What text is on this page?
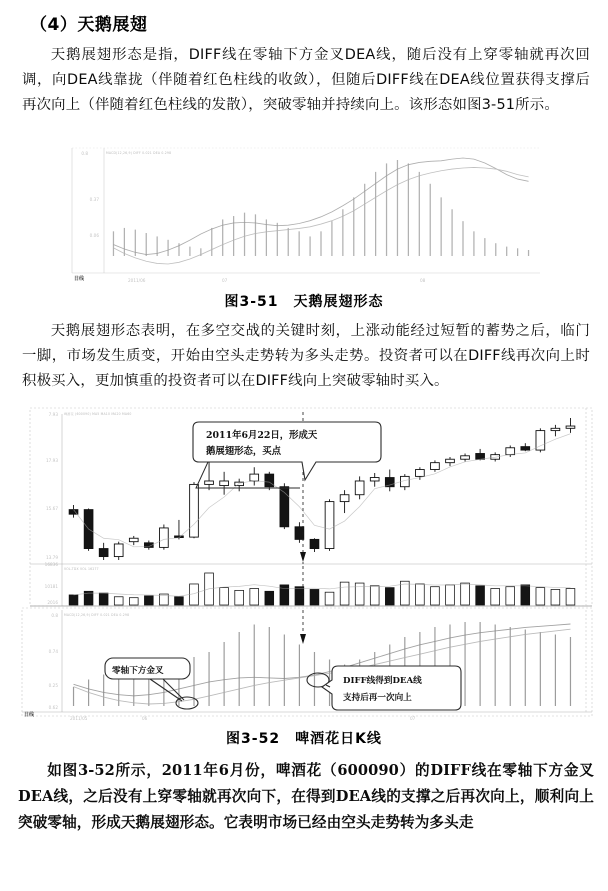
（4）天鹅展翅

天鹅展翅形态是指，DIFF线在零轴下方金叉DEA线，随后没有上穿零轴就再次回调，向DEA线靠拢（伴随着红色柱线的收敛），但随后DIFF线在DEA线位置获得支撑后再次向上（伴随着红色柱线的发散），突破零轴并持续向上。该形态如图3-51所示。

MACD(12,26,9) DIFF 0.021 DEA 0.298
0.8
0.37
0.06
2011/06	07	08
日线
图3-51　天鹅展翅形态

天鹅展翅形态表明，在多空交战的关键时刻，上涨动能经过短暂的蓄势之后，临门一脚，市场发生质变，开始由空头走势转为多头走势。投资者可以在DIFF线再次向上时积极买入，更加慎重的投资者可以在DIFF线向上突破零轴时买入。

啤酒花 (600090) MA5 MA10 MA20 MA60
VOL-TDX VOL 16277
MACD(12,26,9) DIFF 0.021 DEA 0.298
7.93
17.93
15.67
13.79
16836
10181
2016
0.8
0.74
0.25
0.62
2011/05	06	07
日线
2011年6月22日，形成天
鹅展翅形态，买点
零轴下方金叉
DIFF线得到DEA线
支持后再一次向上
图3-52　啤酒花日K线

如图3-52所示，2011年6月份，啤酒花（600090）的DIFF线在零轴下方金叉DEA线，之后没有上穿零轴就再次向下，在得到DEA线的支撑之后再次向上，顺利向上突破零轴，形成天鹅展翅形态。它表明市场已经由空头走势转为多头走
